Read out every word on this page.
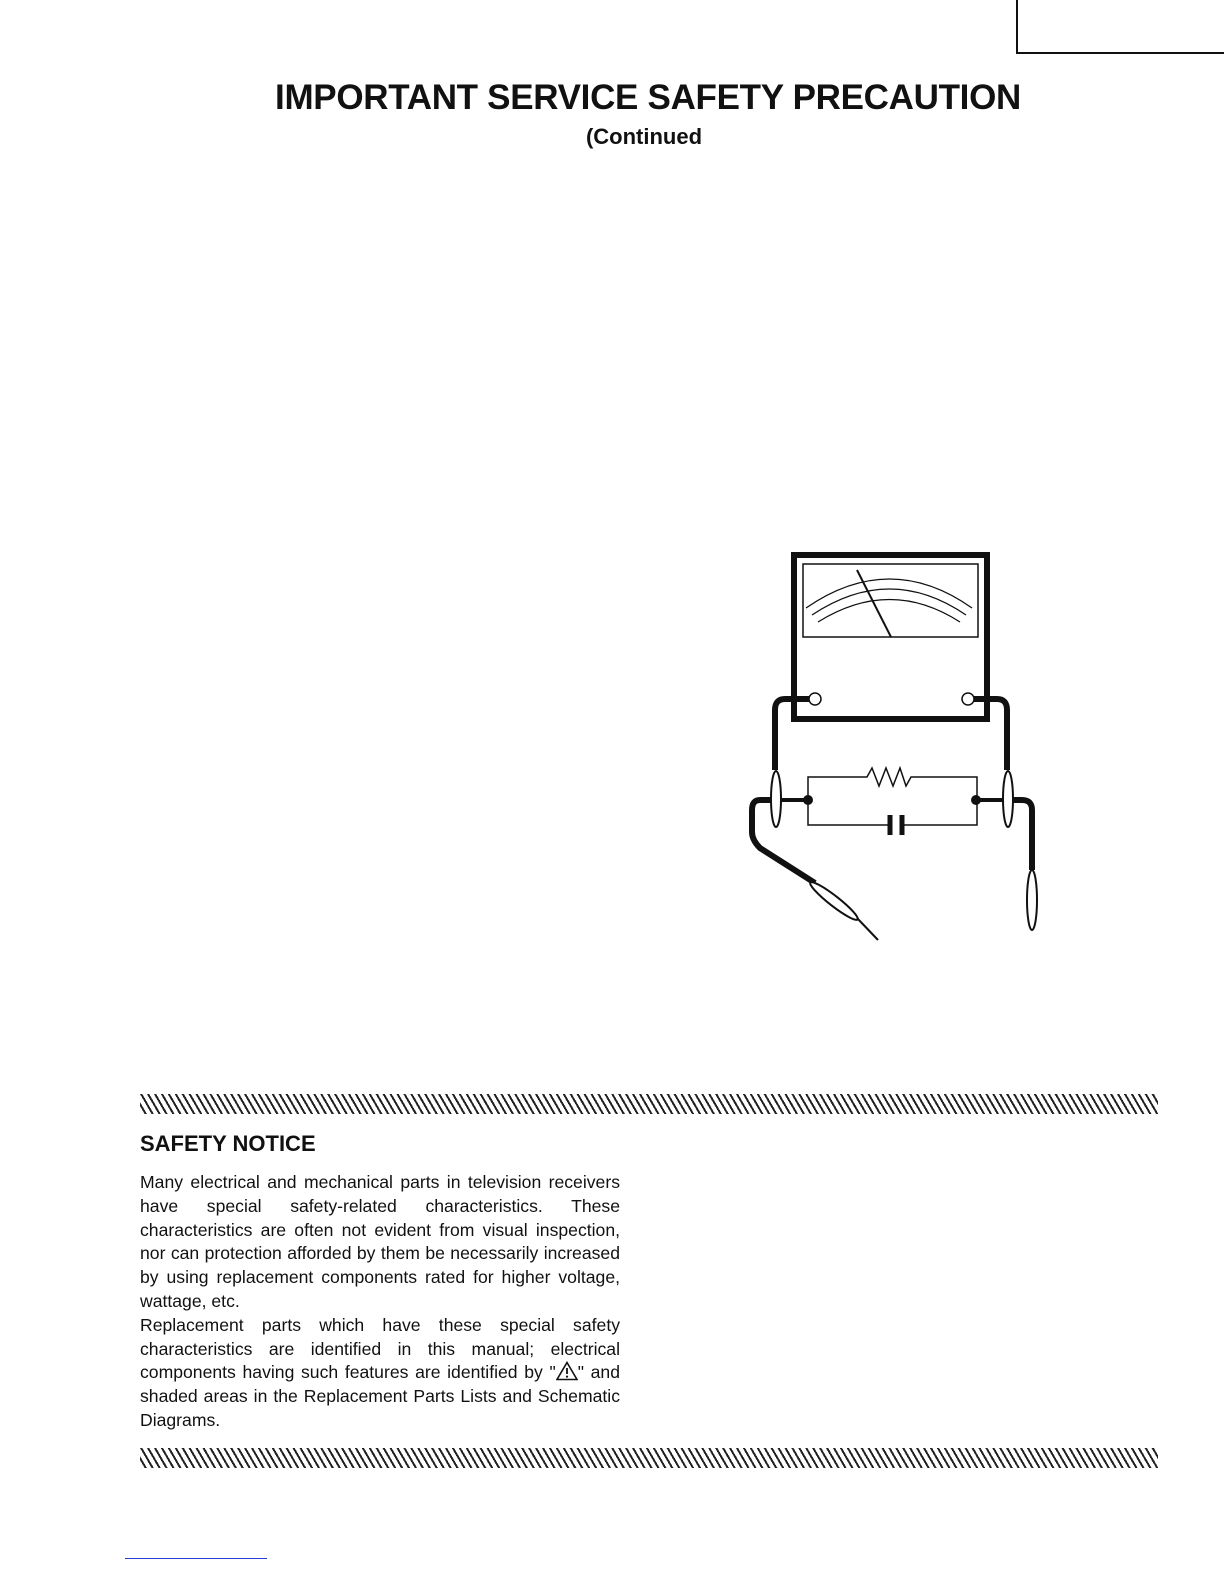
IMPORTANT SERVICE SAFETY PRECAUTION
(Continued
SAFETY NOTICE

Many electrical and mechanical parts in television receivers have special safety-related characteristics. These characteristics are often not evident from visual inspection, nor can protection afforded by them be necessarily increased by using replacement components rated for higher voltage, wattage, etc.

Replacement parts which have these special safety characteristics are identified in this manual; electrical components having such features are identified by " " and shaded areas in the Replacement Parts Lists and Schematic Diagrams.
